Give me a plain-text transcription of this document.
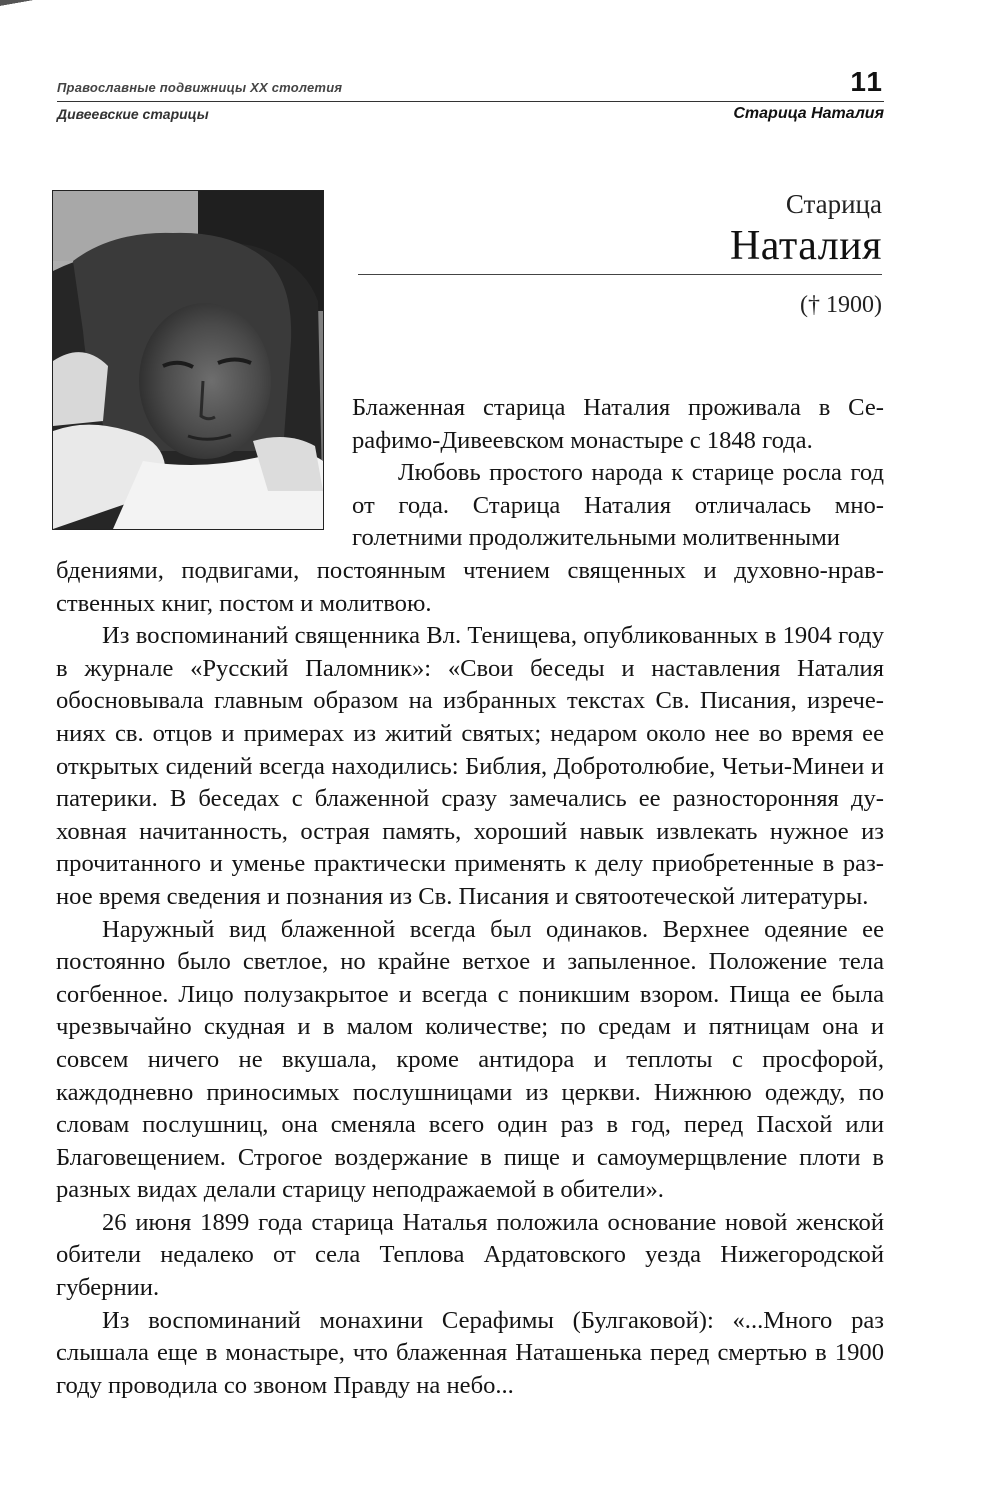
Православные подвижницы XX столетия	11
Дивеевские старицы	Старица Наталия
Старица
Наталия
(† 1900)

Блаженная старица Наталия проживала в Серафимо-Дивеевском монастыре с 1848 года.

Любовь простого народа к старице росла год от года. Старица Наталия отличалась многолетними продолжительными молитвенными

бдениями, подвигами, постоянным чтением священных и духовно-нравственных книг, постом и молитвою.

Из воспоминаний священника Вл. Тенищева, опубликованных в 1904 году в журнале «Русский Паломник»: «Свои беседы и наставления Наталия обосновывала главным образом на избранных текстах Св. Писания, изречениях св. отцов и примерах из житий святых; недаром около нее во время ее открытых сидений всегда находились: Библия, Добротолюбие, Четьи-Минеи и патерики. В беседах с блаженной сразу замечались ее разносторонняя духовная начитанность, острая память, хороший навык извлекать нужное из прочитанного и уменье практически применять к делу приобретенные в разное время сведения и познания из Св. Писания и святоотеческой литературы.

Наружный вид блаженной всегда был одинаков. Верхнее одеяние ее постоянно было светлое, но крайне ветхое и запыленное. Положение тела согбенное. Лицо полузакрытое и всегда с поникшим взором. Пища ее была чрезвычайно скудная и в малом количестве; по средам и пятницам она и совсем ничего не вкушала, кроме антидора и теплоты с просфорой, каждодневно приносимых послушницами из церкви. Нижнюю одежду, по словам послушниц, она сменяла всего один раз в год, перед Пасхой или Благовещением. Строгое воздержание в пище и самоумерщвление плоти в разных видах делали старицу неподражаемой в обители».

26 июня 1899 года старица Наталья положила основание новой женской обители недалеко от села Теплова Ардатовского уезда Нижегородской губернии.

Из воспоминаний монахини Серафимы (Булгаковой): «...Много раз слышала еще в монастыре, что блаженная Наташенька перед смертью в 1900 году проводила со звоном Правду на небо...
